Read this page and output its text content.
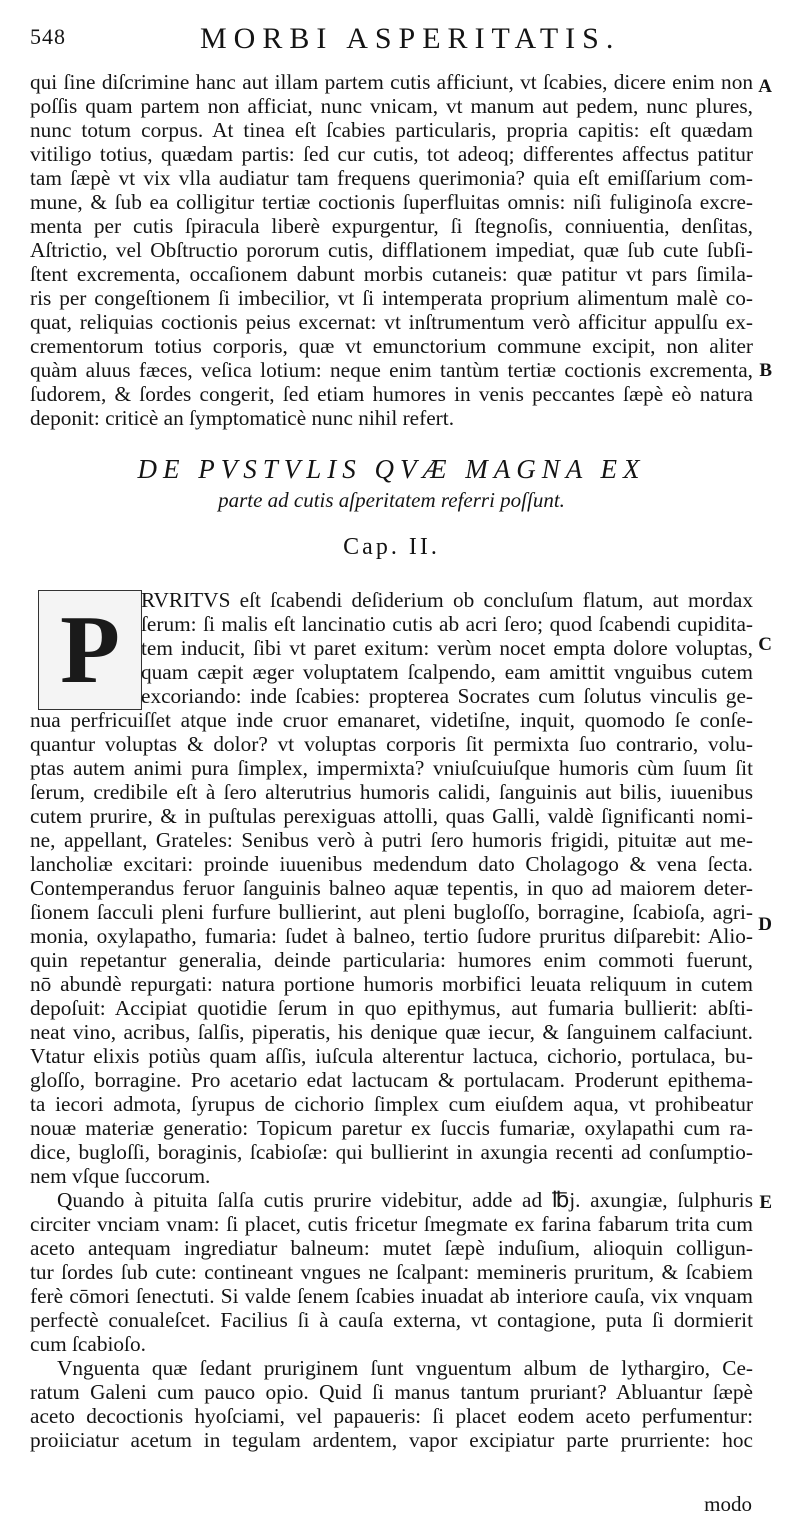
548	MORBI ASPERITATIS.
qui ſine diſcrimine hanc aut illam partem cutis afficiunt, vt ſcabies, dicere enim non
poſſis quam partem non afficiat, nunc vnicam, vt manum aut pedem, nunc plures,
nunc totum corpus. At tinea eſt ſcabies particularis, propria capitis: eſt quædam
vitiligo totius, quædam partis: ſed cur cutis, tot adeoq; differentes affectus patitur
tam ſæpè vt vix vlla audiatur tam frequens querimonia? quia eſt emiſſarium com-
mune, & ſub ea colligitur tertiæ coctionis ſuperfluitas omnis: niſi fuliginoſa excre-
menta per cutis ſpiracula liberè expurgentur, ſi ſtegnoſis, conniuentia, denſitas,
Aſtrictio, vel Obſtructio pororum cutis, difflationem impediat, quæ ſub cute ſubſi-
ſtent excrementa, occaſionem dabunt morbis cutaneis: quæ patitur vt pars ſimila-
ris per congeſtionem ſi imbecilior, vt ſi intemperata proprium alimentum malè co-
quat, reliquias coctionis peius excernat: vt inſtrumentum verò afficitur appulſu ex-
crementorum totius corporis, quæ vt emunctorium commune excipit, non aliter
quàm aluus fæces, veſica lotium: neque enim tantùm tertiæ coctionis excrementa,
ſudorem, & ſordes congerit, ſed etiam humores in venis peccantes ſæpè eò natura
deponit: criticè an ſymptomaticè nunc nihil refert.
DE PVSTVLIS QVÆ MAGNA EX
parte ad cutis aſperitatem referri poſſunt.
Cap. II.
P RVRITVS eſt ſcabendi deſiderium ob concluſum flatum, aut mordax
ſerum: ſi malis eſt lancinatio cutis ab acri ſero; quod ſcabendi cupidita-
tem inducit, ſibi vt paret exitum: verùm nocet empta dolore voluptas,
quam cæpit æger voluptatem ſcalpendo, eam amittit vnguibus cutem
excoriando: inde ſcabies: propterea Socrates cum ſolutus vinculis ge-
nua perfricuiſſet atque inde cruor emanaret, videtiſne, inquit, quomodo ſe conſe-
quantur voluptas & dolor? vt voluptas corporis ſit permixta ſuo contrario, volu-
ptas autem animi pura ſimplex, impermixta? vniuſcuiuſque humoris cùm ſuum ſit
ſerum, credibile eſt à ſero alterutrius humoris calidi, ſanguinis aut bilis, iuuenibus
cutem prurire, & in puſtulas perexiguas attolli, quas Galli, valdè ſignificanti nomi-
ne, appellant, Grateles: Senibus verò à putri ſero humoris frigidi, pituitæ aut me-
lancholiæ excitari: proinde iuuenibus medendum dato Cholagogo & vena ſecta.
Contemperandus feruor ſanguinis balneo aquæ tepentis, in quo ad maiorem deter-
ſionem ſacculi pleni furfure bullierint, aut pleni bugloſſo, borragine, ſcabioſa, agri-
monia, oxylapatho, fumaria: ſudet à balneo, tertio ſudore pruritus diſparebit: Alio-
quin repetantur generalia, deinde particularia: humores enim commoti fuerunt,
nō abundè repurgati: natura portione humoris morbifici leuata reliquum in cutem
depoſuit: Accipiat quotidie ſerum in quo epithymus, aut fumaria bullierit: abſti-
neat vino, acribus, ſalſis, piperatis, his denique quæ iecur, & ſanguinem calfaciunt.
Vtatur elixis potiùs quam aſſis, iuſcula alterentur lactuca, cichorio, portulaca, bu-
gloſſo, borragine. Pro acetario edat lactucam & portulacam. Proderunt epithema-
ta iecori admota, ſyrupus de cichorio ſimplex cum eiuſdem aqua, vt prohibeatur
nouæ materiæ generatio: Topicum paretur ex ſuccis fumariæ, oxylapathi cum ra-
dice, bugloſſi, boraginis, ſcabioſæ: qui bullierint in axungia recenti ad conſumptio-
nem vſque ſuccorum.
Quando à pituita ſalſa cutis prurire videbitur, adde ad ℔j. axungiæ, ſulphuris
circiter vnciam vnam: ſi placet, cutis fricetur ſmegmate ex farina fabarum trita cum
aceto antequam ingrediatur balneum: mutet ſæpè induſium, alioquin colligun-
tur ſordes ſub cute: contineant vngues ne ſcalpant: memineris pruritum, & ſcabiem
ferè cōmori ſenectuti. Si valde ſenem ſcabies inuadat ab interiore cauſa, vix vnquam
perfectè conualeſcet. Facilius ſi à cauſa externa, vt contagione, puta ſi dormierit
cum ſcabioſo.
Vnguenta quæ ſedant pruriginem ſunt vnguentum album de lythargiro, Ce-
ratum Galeni cum pauco opio. Quid ſi manus tantum pruriant? Abluantur ſæpè
aceto decoctionis hyoſciami, vel papaueris: ſi placet eodem aceto perfumentur:
proiiciatur acetum in tegulam ardentem, vapor excipiatur parte prurriente: hoc
modo
A
B
C
D
E
